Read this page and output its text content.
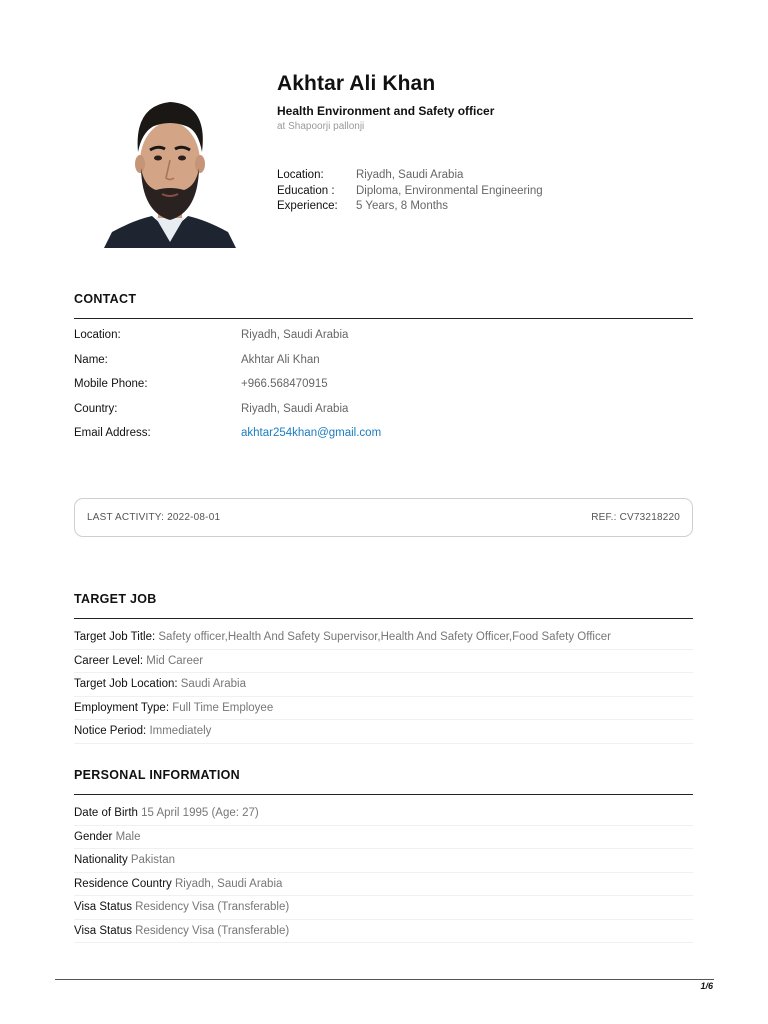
Akhtar Ali Khan
Health Environment and Safety officer
at Shapoorji pallonji
Location:	Riyadh, Saudi Arabia
Education :	Diploma, Environmental Engineering
Experience:	5 Years, 8 Months
CONTACT
Location:	Riyadh, Saudi Arabia
Name:	Akhtar Ali Khan
Mobile Phone:	+966.568470915
Country:	Riyadh, Saudi Arabia
Email Address:	akhtar254khan@gmail.com
LAST ACTIVITY: 2022-08-01	REF.: CV73218220
TARGET JOB
Target Job Title: Safety officer,Health And Safety Supervisor,Health And Safety Officer,Food Safety Officer
Career Level: Mid Career
Target Job Location: Saudi Arabia
Employment Type: Full Time Employee
Notice Period: Immediately
PERSONAL INFORMATION
Date of Birth 15 April 1995 (Age: 27)
Gender Male
Nationality Pakistan
Residence Country Riyadh, Saudi Arabia
Visa Status Residency Visa (Transferable)
Visa Status Residency Visa (Transferable)
1/6
